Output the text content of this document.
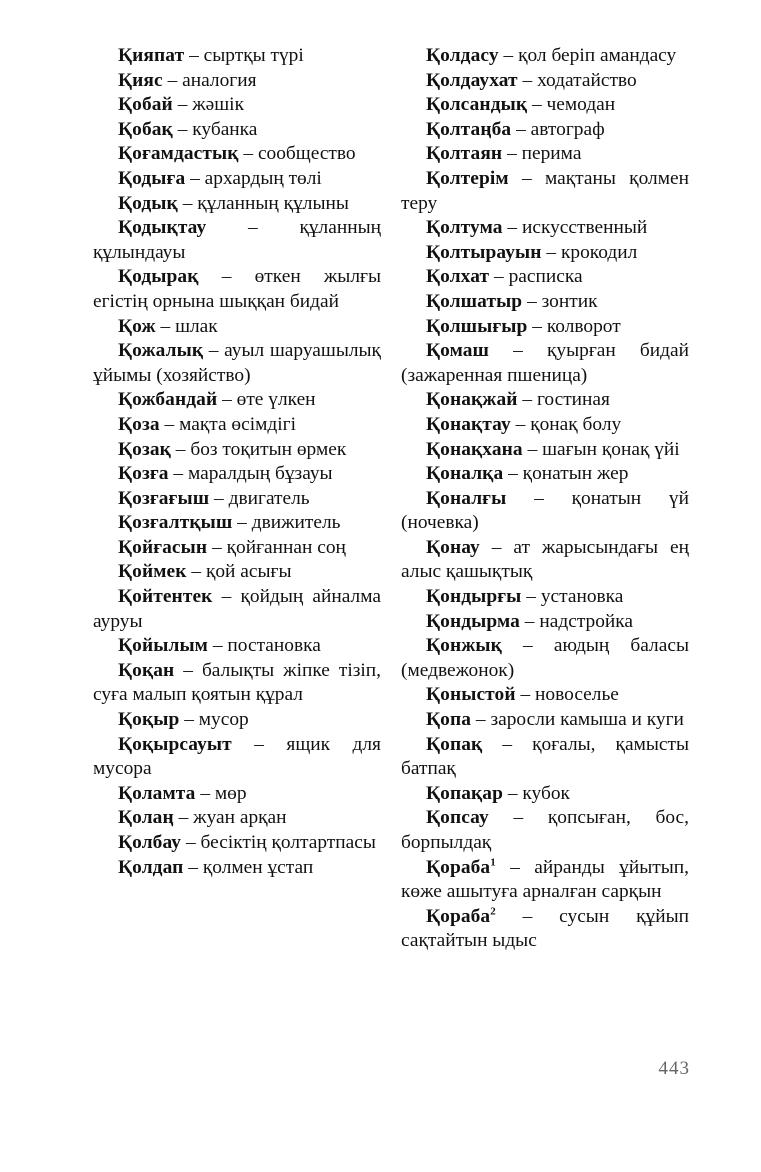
Қияпат – сыртқы түрі

Қияс – аналогия

Қобай – жәшік

Қобақ – кубанка

Қоғамдастық – сообщество

Қодыға – архардың төлі

Қодық – құланның құлыны

Қодықтау – құланның құлындауы

Қодырақ – өткен жылғы егістің орнына шыққан бидай

Қож – шлак

Қожалық – ауыл шаруашылық ұйымы (хозяйство)

Қожбандай – өте үлкен

Қоза – мақта өсімдігі

Қозақ – боз тоқитын өрмек

Қозға – маралдың бұзауы

Қозғағыш – двигатель

Қозғалтқыш – движитель

Қойғасын – қойғаннан соң

Қоймек – қой асығы

Қойтентек – қойдың айналма ауруы

Қойылым – постановка

Қоқан – балықты жіпке тізіп, суға малып қоятын құрал

Қоқыр – мусор

Қоқырсауыт – ящик для мусора

Қоламта – мөр

Қолаң – жуан арқан

Қолбау – бесіктің қолтартпасы

Қолдап – қолмен ұстап

Қолдасу – қол беріп амандасу

Қолдаухат – ходатайство

Қолсандық – чемодан

Қолтаңба – автограф

Қолтаян – перима

Қолтерім – мақтаны қолмен теру

Қолтума – искусственный

Қолтырауын – крокодил

Қолхат – расписка

Қолшатыр – зонтик

Қолшығыр – колворот

Қомаш – қуырған бидай (зажаренная пшеница)

Қонақжай – гостиная

Қонақтау – қонақ болу

Қонақхана – шағын қонақ үйі

Қоналқа – қонатын жер

Қоналғы – қонатын үй (ночевка)

Қонау – ат жарысындағы ең алыс қашықтық

Қондырғы – установка

Қондырма – надстройка

Қонжық – аюдың баласы (медвежонок)

Қоныстой – новоселье

Қопа – заросли камыша и куги

Қопақ – қоғалы, қамысты батпақ

Қопақар – кубок

Қопсау – қопсыған, бос, борпылдақ

Қораба$^1$ – айранды ұйытып, көже ашытуға арналған сарқын

Қораба$^2$ – сусын құйып сақтайтын ыдыс

443
